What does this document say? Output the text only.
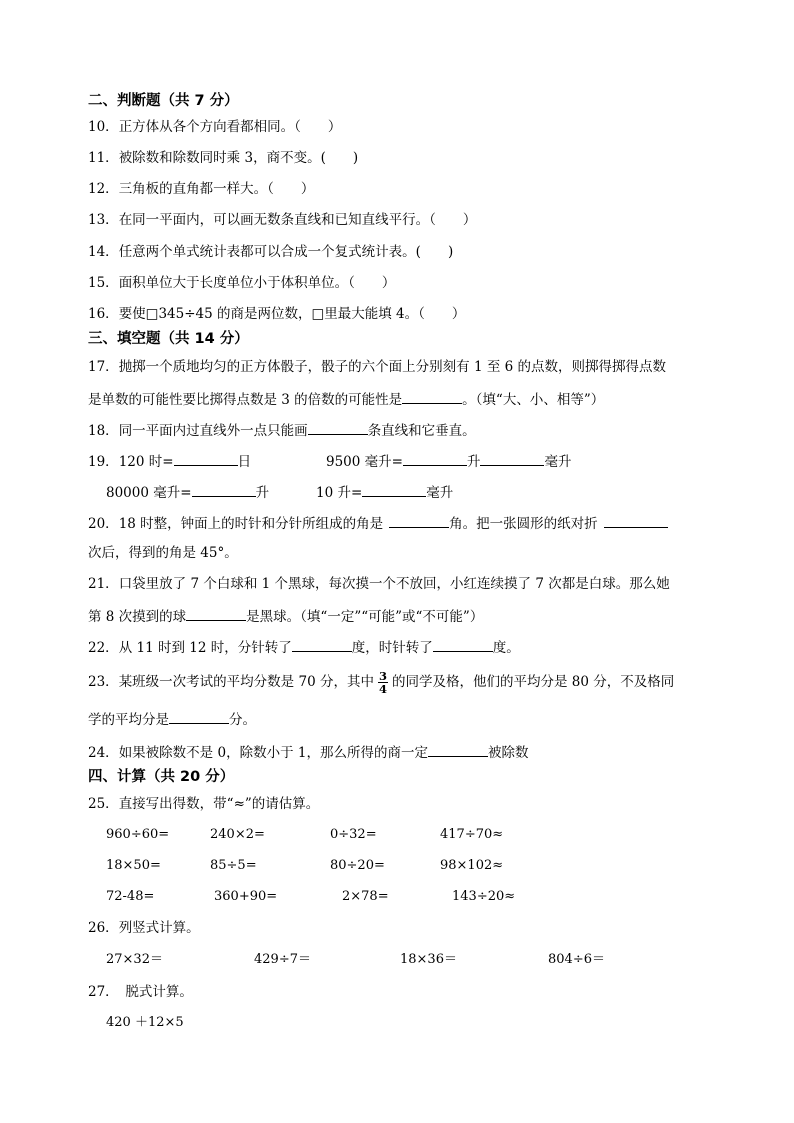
二、判断题（共 7 分）
10．正方体从各个方向看都相同。（　　）
11．被除数和除数同时乘 3，商不变。(　　)
12．三角板的直角都一样大。（　　）
13．在同一平面内，可以画无数条直线和已知直线平行。（　　）
14．任意两个单式统计表都可以合成一个复式统计表。(　　)
15．面积单位大于长度单位小于体积单位。（　　）
16．要使□345÷45 的商是两位数，□里最大能填 4。（　　）
三、填空题（共 14 分）
17．抛掷一个质地均匀的正方体骰子，骰子的六个面上分别刻有 1 至 6 的点数，则掷得掷得点数
是单数的可能性要比掷得点数是 3 的倍数的可能性是	。（填“大、小、相等”）
18．同一平面内过直线外一点只能画	条直线和它垂直。
19．120 时=	日	9500 毫升=	升	毫升
80000 毫升=	升	10 升=	毫升
20．18 时整，钟面上的时针和分针所组成的角是	角。把一张圆形的纸对折
次后，得到的角是 45°。
21．口袋里放了 7 个白球和 1 个黑球，每次摸一个不放回，小红连续摸了 7 次都是白球。那么她
第 8 次摸到的球	是黑球。（填“一定”“可能”或“不可能”）
22．从 11 时到 12 时，分针转了	度，时针转了	度。
23．某班级一次考试的平均分数是 70 分，其中 $\frac{3}{4}$ 的同学及格，他们的平均分是 80 分，不及格同
学的平均分是	分。
24．如果被除数不是 0，除数小于 1，那么所得的商一定	被除数
四、计算（共 20 分）
25．直接写出得数，带“≈”的请估算。
960÷60=	240×2=	0÷32=	417÷70≈
18×50=	85÷5=	80÷20=	98×102≈
72-48=	360+90=	2×78=	143÷20≈
26．列竖式计算。
27×32＝	429÷7＝	18×36＝	804÷6＝
27．　脱式计算。
420 ＋12×5
